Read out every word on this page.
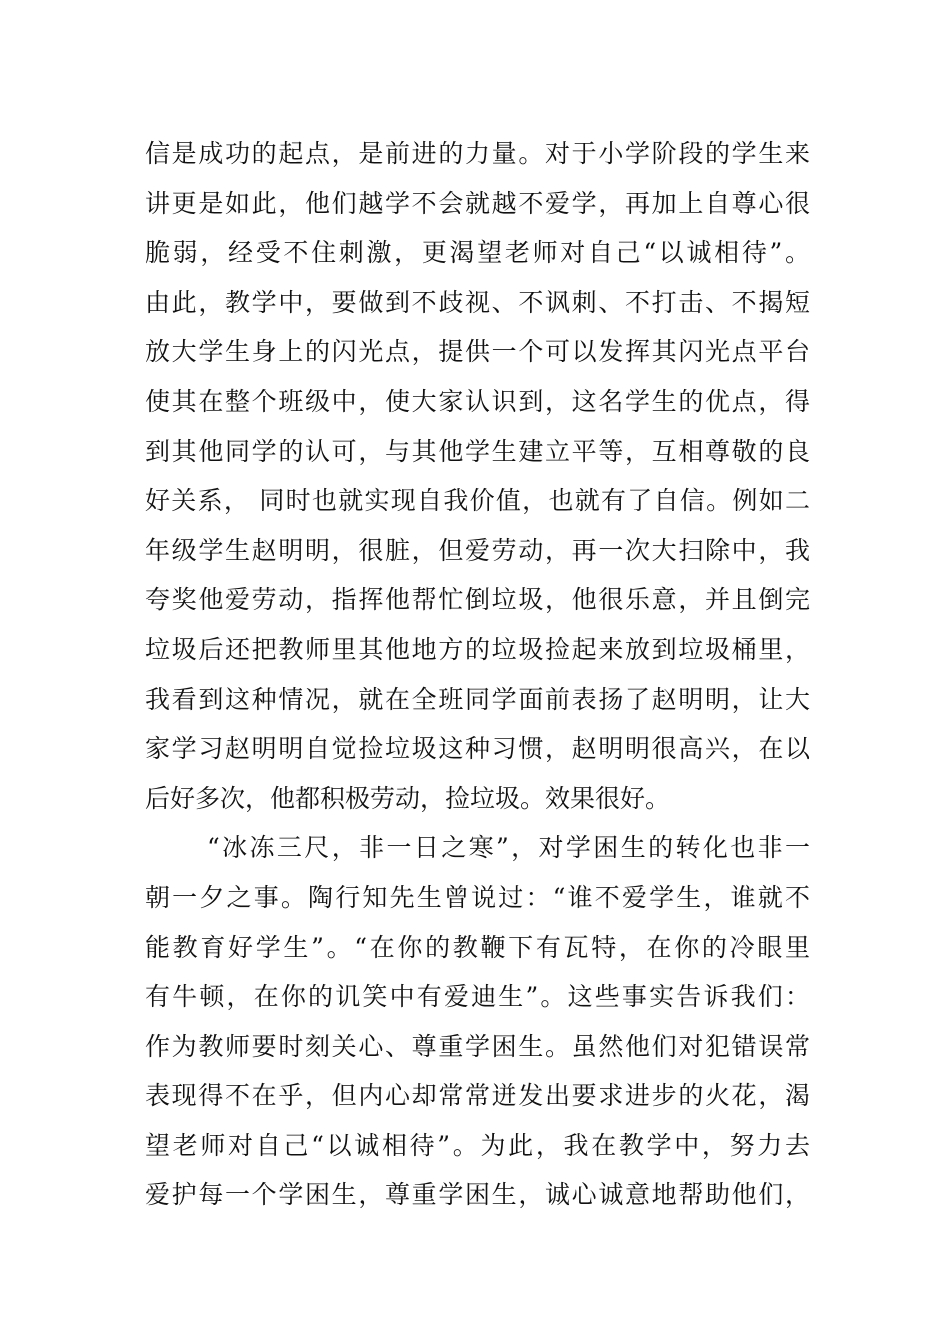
信是成功的起点，是前进的力量。对于小学阶段的学生来
讲更是如此，他们越学不会就越不爱学，再加上自尊心很
脆弱，经受不住刺激，更渴望老师对自己“以诚相待”。
由此，教学中，要做到不歧视、不讽刺、不打击、不揭短
放大学生身上的闪光点，提供一个可以发挥其闪光点平台
使其在整个班级中，使大家认识到，这名学生的优点，得
到其他同学的认可，与其他学生建立平等，互相尊敬的良
好关系， 同时也就实现自我价值，也就有了自信。例如二
年级学生赵明明，很脏，但爱劳动，再一次大扫除中，我
夸奖他爱劳动，指挥他帮忙倒垃圾，他很乐意，并且倒完
垃圾后还把教师里其他地方的垃圾捡起来放到垃圾桶里，
我看到这种情况，就在全班同学面前表扬了赵明明，让大
家学习赵明明自觉捡垃圾这种习惯，赵明明很高兴，在以
后好多次，他都积极劳动，捡垃圾。效果很好。
“冰冻三尺，非一日之寒”，对学困生的转化也非一
朝一夕之事。陶行知先生曾说过：“谁不爱学生，谁就不
能教育好学生”。“在你的教鞭下有瓦特，在你的冷眼里
有牛顿，在你的讥笑中有爱迪生”。这些事实告诉我们：
作为教师要时刻关心、尊重学困生。虽然他们对犯错误常
表现得不在乎，但内心却常常迸发出要求进步的火花，渴
望老师对自己“以诚相待”。为此，我在教学中，努力去
爱护每一个学困生，尊重学困生，诚心诚意地帮助他们，
